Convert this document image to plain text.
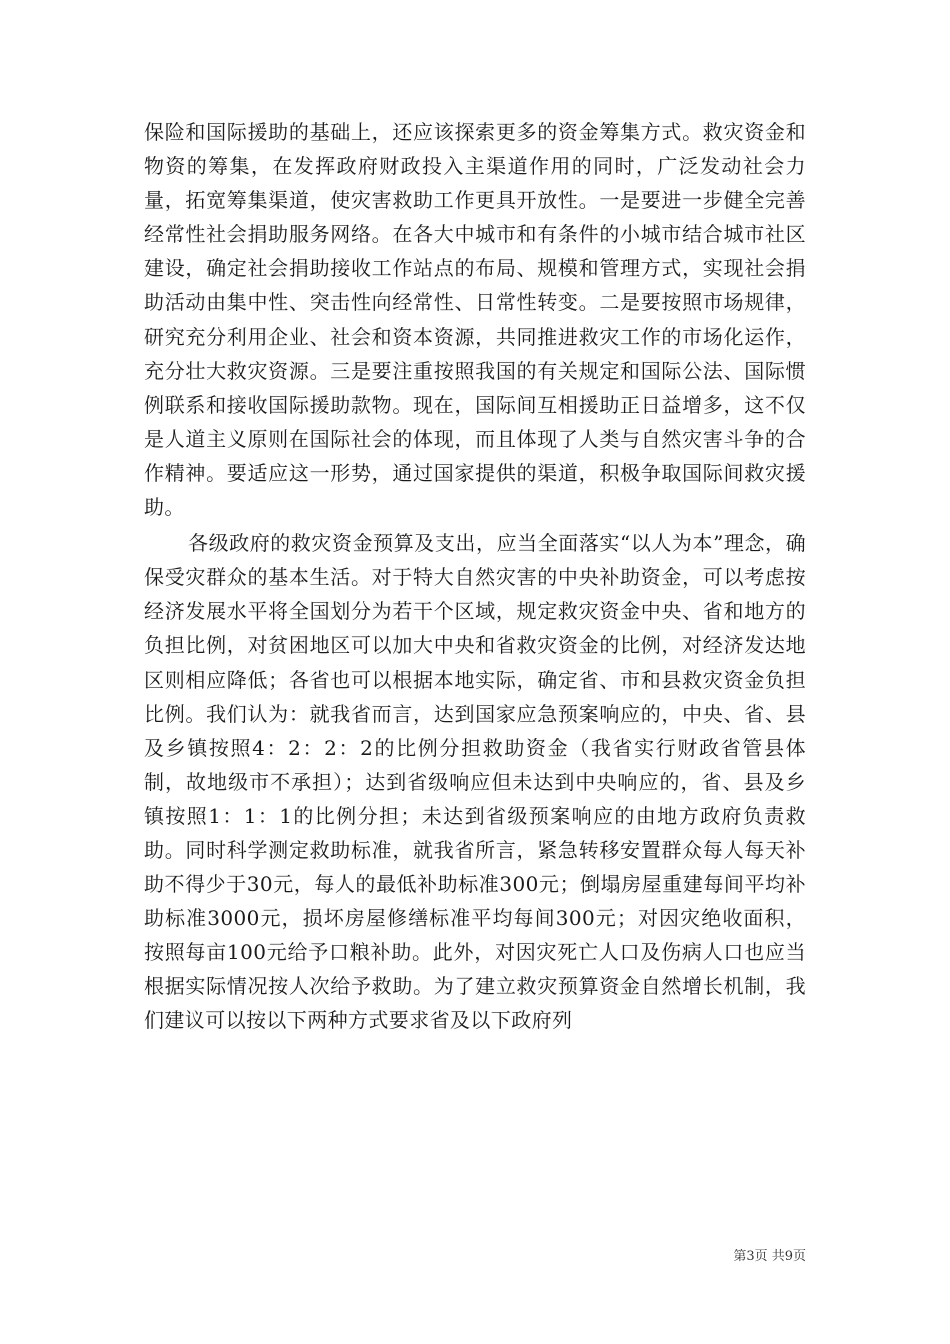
保险和国际援助的基础上，还应该探索更多的资金筹集方式。救灾资金和物资的筹集，在发挥政府财政投入主渠道作用的同时，广泛发动社会力量，拓宽筹集渠道，使灾害救助工作更具开放性。一是要进一步健全完善经常性社会捐助服务网络。在各大中城市和有条件的小城市结合城市社区建设，确定社会捐助接收工作站点的布局、规模和管理方式，实现社会捐助活动由集中性、突击性向经常性、日常性转变。二是要按照市场规律，研究充分利用企业、社会和资本资源，共同推进救灾工作的市场化运作，充分壮大救灾资源。三是要注重按照我国的有关规定和国际公法、国际惯例联系和接收国际援助款物。现在，国际间互相援助正日益增多，这不仅是人道主义原则在国际社会的体现，而且体现了人类与自然灾害斗争的合作精神。要适应这一形势，通过国家提供的渠道，积极争取国际间救灾援助。

各级政府的救灾资金预算及支出，应当全面落实“以人为本”理念，确保受灾群众的基本生活。对于特大自然灾害的中央补助资金，可以考虑按经济发展水平将全国划分为若干个区域，规定救灾资金中央、省和地方的负担比例，对贫困地区可以加大中央和省救灾资金的比例，对经济发达地区则相应降低；各省也可以根据本地实际，确定省、市和县救灾资金负担比例。我们认为：就我省而言，达到国家应急预案响应的，中央、省、县及乡镇按照4：2：2：2的比例分担救助资金（我省实行财政省管县体制，故地级市不承担）；达到省级响应但未达到中央响应的，省、县及乡镇按照1：1：1的比例分担；未达到省级预案响应的由地方政府负责救助。同时科学测定救助标准，就我省所言，紧急转移安置群众每人每天补助不得少于30元，每人的最低补助标准300元；倒塌房屋重建每间平均补助标准3000元，损坏房屋修缮标准平均每间300元；对因灾绝收面积，按照每亩100元给予口粮补助。此外，对因灾死亡人口及伤病人口也应当根据实际情况按人次给予救助。为了建立救灾预算资金自然增长机制，我们建议可以按以下两种方式要求省及以下政府列

第3页 共9页
